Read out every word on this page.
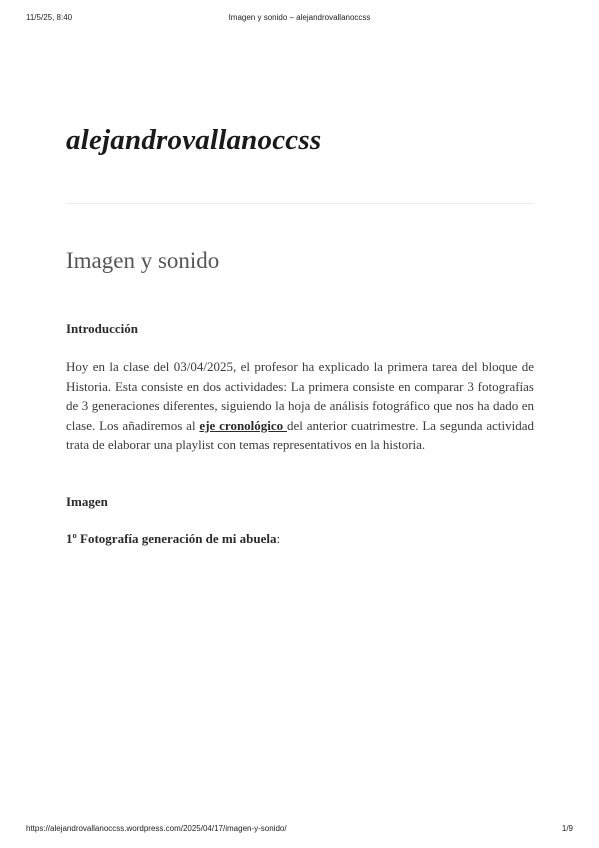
11/5/25, 8:40	Imagen y sonido – alejandrovallanoccss
alejandrovallanoccss
Imagen y sonido
Introducción

Hoy en la clase del 03/04/2025, el profesor ha explicado la primera tarea del bloque de Historia. Esta consiste en dos actividades: La primera consiste en comparar 3 fotografías de 3 generaciones diferentes, siguiendo la hoja de análisis fotográfico que nos ha dado en clase. Los añadiremos al eje cronológico del anterior cuatrimestre. La segunda actividad trata de elaborar una playlist con temas representativos en la historia.

Imagen

1º Fotografía generación de mi abuela:

https://alejandrovallanoccss.wordpress.com/2025/04/17/imagen-y-sonido/	1/9
